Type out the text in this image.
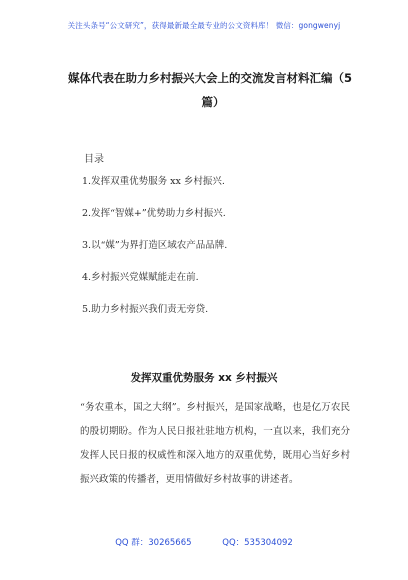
关注头条号“公文研究”，获得最新最全最专业的公文资料库！ 微信：gongwenyj
媒体代表在助力乡村振兴大会上的交流发言材料汇编（5
篇）
目录
1.发挥双重优势服务 xx 乡村振兴.
2.发挥“智媒+”优势助力乡村振兴.
3.以“媒”为界打造区域农产品品牌.
4.乡村振兴党媒赋能走在前.
5.助力乡村振兴我们责无旁贷.
发挥双重优势服务 xx 乡村振兴

“务农重本，国之大纲”。乡村振兴，是国家战略，也是亿万农民的殷切期盼。作为人民日报社驻地方机构，一直以来，我们充分发挥人民日报的权威性和深入地方的双重优势，既用心当好乡村振兴政策的传播者，更用情做好乡村故事的讲述者。

QQ 群：30265665	QQ：535304092
